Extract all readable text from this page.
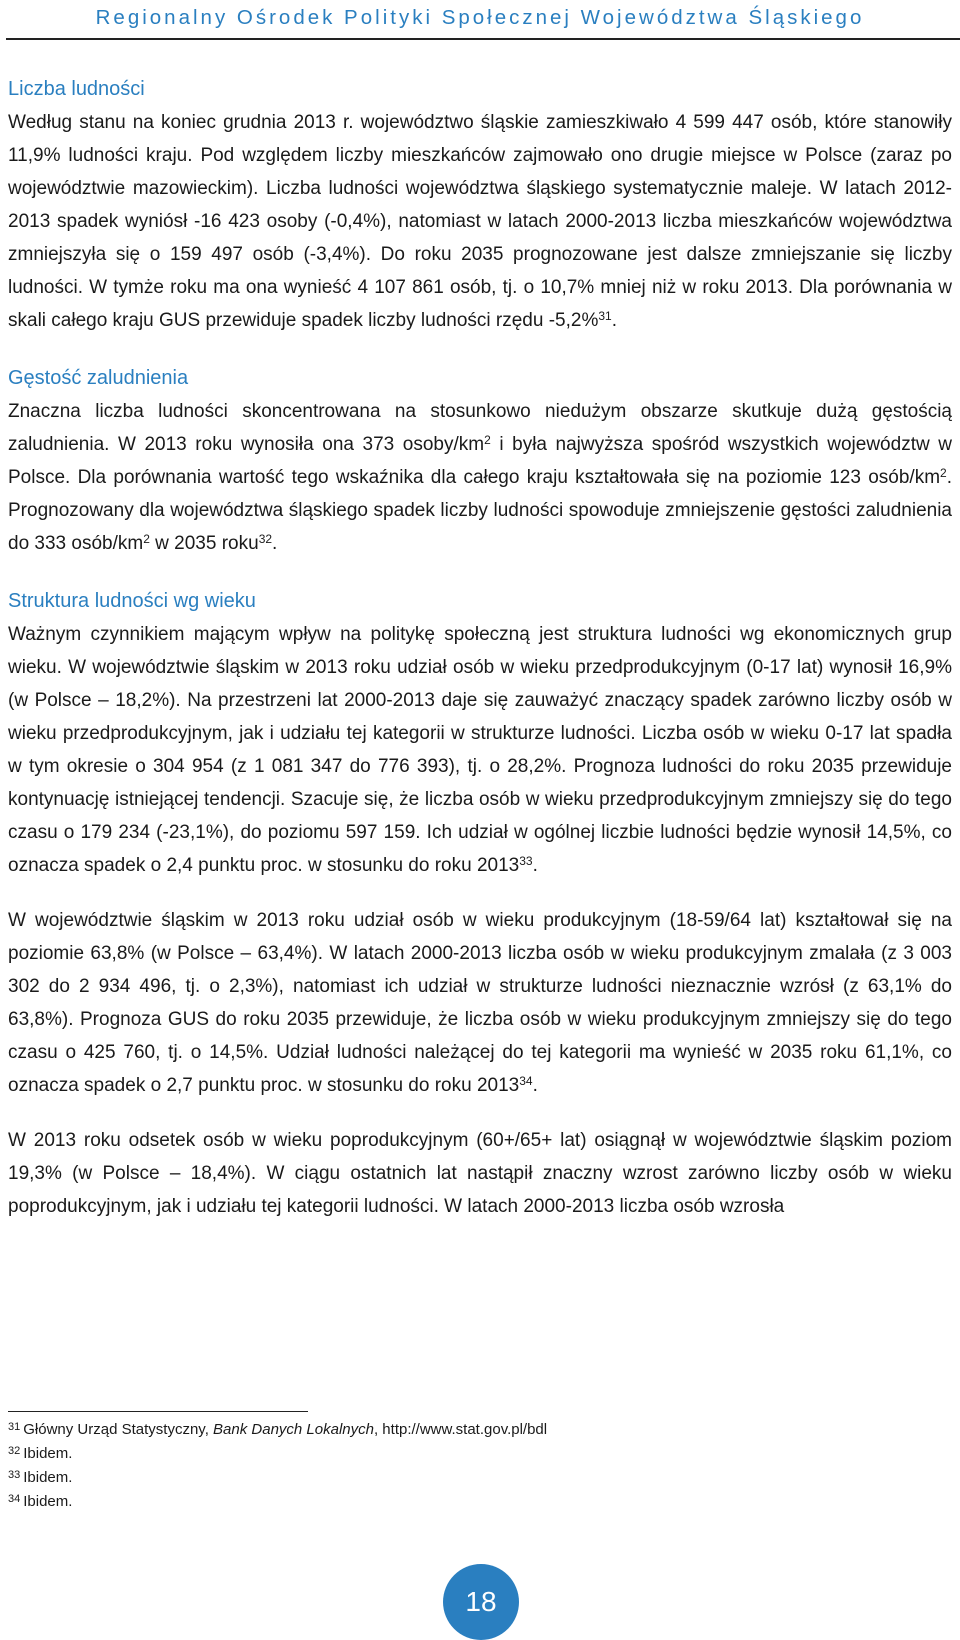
Regionalny Ośrodek Polityki Społecznej Województwa Śląskiego
Liczba ludności

Według stanu na koniec grudnia 2013 r. województwo śląskie zamieszkiwało 4 599 447 osób, które stanowiły 11,9% ludności kraju. Pod względem liczby mieszkańców zajmowało ono drugie miejsce w Polsce (zaraz po województwie mazowieckim). Liczba ludności województwa śląskiego systematycznie maleje. W latach 2012-2013 spadek wyniósł -16 423 osoby (-0,4%), natomiast w latach 2000-2013 liczba mieszkańców województwa zmniejszyła się o 159 497 osób (-3,4%). Do roku 2035 prognozowane jest dalsze zmniejszanie się liczby ludności. W tymże roku ma ona wynieść 4 107 861 osób, tj. o 10,7% mniej niż w roku 2013. Dla porównania w skali całego kraju GUS przewiduje spadek liczby ludności rzędu -5,2%$^{31}$.

Gęstość zaludnienia

Znaczna liczba ludności skoncentrowana na stosunkowo niedużym obszarze skutkuje dużą gęstością zaludnienia. W 2013 roku wynosiła ona 373 osoby/$km^2$ i była najwyższa spośród wszystkich województw w Polsce. Dla porównania wartość tego wskaźnika dla całego kraju kształtowała się na poziomie 123 osób/$km^2$. Prognozowany dla województwa śląskiego spadek liczby ludności spowoduje zmniejszenie gęstości zaludnienia do 333 osób/$km^2$ w 2035 roku$^{32}$.

Struktura ludności wg wieku

Ważnym czynnikiem mającym wpływ na politykę społeczną jest struktura ludności wg ekonomicznych grup wieku. W województwie śląskim w 2013 roku udział osób w wieku przedprodukcyjnym (0-17 lat) wynosił 16,9% (w Polsce – 18,2%). Na przestrzeni lat 2000-2013 daje się zauważyć znaczący spadek zarówno liczby osób w wieku przedprodukcyjnym, jak i udziału tej kategorii w strukturze ludności. Liczba osób w wieku 0-17 lat spadła w tym okresie o 304 954 (z 1 081 347 do 776 393), tj. o 28,2%. Prognoza ludności do roku 2035 przewiduje kontynuację istniejącej tendencji. Szacuje się, że liczba osób w wieku przedprodukcyjnym zmniejszy się do tego czasu o 179 234 (-23,1%), do poziomu 597 159. Ich udział w ogólnej liczbie ludności będzie wynosił 14,5%, co oznacza spadek o 2,4 punktu proc. w stosunku do roku 2013$^{33}$.

W województwie śląskim w 2013 roku udział osób w wieku produkcyjnym (18-59/64 lat) kształtował się na poziomie 63,8% (w Polsce – 63,4%). W latach 2000-2013 liczba osób w wieku produkcyjnym zmalała (z 3 003 302 do 2 934 496, tj. o 2,3%), natomiast ich udział w strukturze ludności nieznacznie wzrósł (z 63,1% do 63,8%). Prognoza GUS do roku 2035 przewiduje, że liczba osób w wieku produkcyjnym zmniejszy się do tego czasu o 425 760, tj. o 14,5%. Udział ludności należącej do tej kategorii ma wynieść w 2035 roku 61,1%, co oznacza spadek o 2,7 punktu proc. w stosunku do roku 2013$^{34}$.

W 2013 roku odsetek osób w wieku poprodukcyjnym (60+/65+ lat) osiągnął w województwie śląskim poziom 19,3% (w Polsce – 18,4%). W ciągu ostatnich lat nastąpił znaczny wzrost zarówno liczby osób w wieku poprodukcyjnym, jak i udziału tej kategorii ludności. W latach 2000-2013 liczba osób wzrosła

$^{31}$ Główny Urząd Statystyczny, Bank Danych Lokalnych, http://www.stat.gov.pl/bdl
$^{32}$ Ibidem.
$^{33}$ Ibidem.
$^{34}$ Ibidem.
18
